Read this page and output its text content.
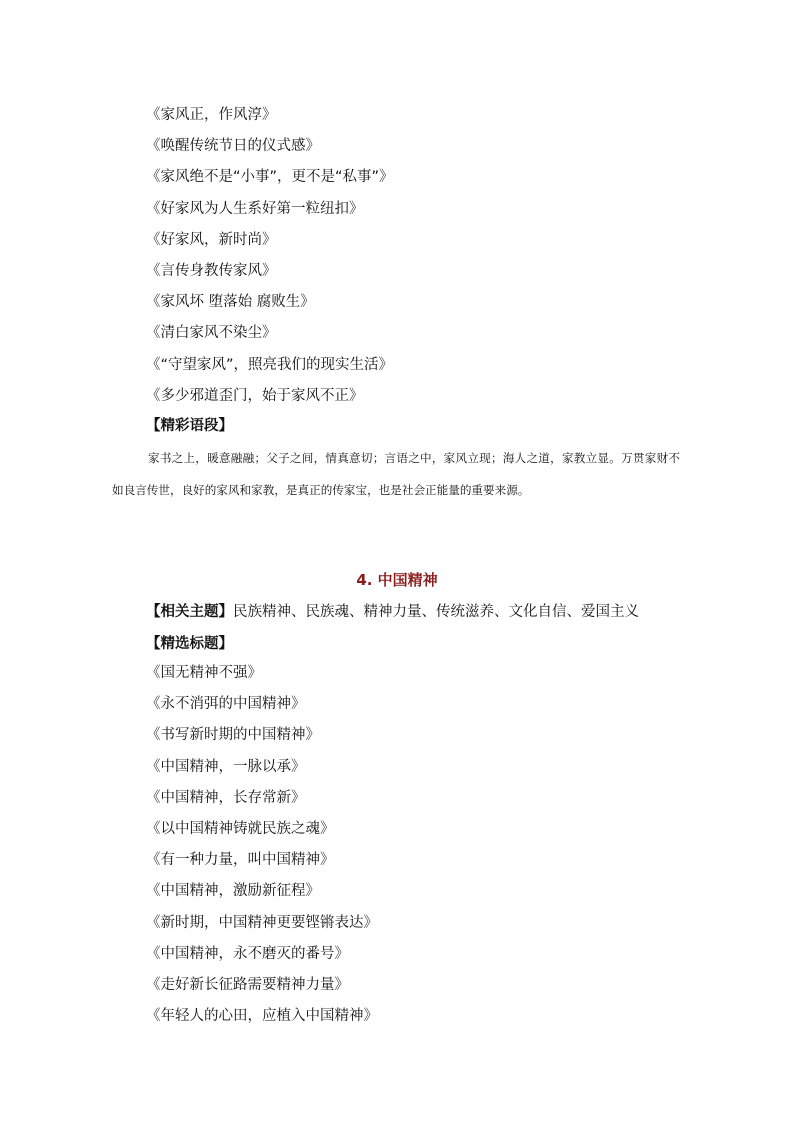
《家风正，作风淳》
《唤醒传统节日的仪式感》
《家风绝不是“小事”，更不是“私事”》
《好家风为人生系好第一粒纽扣》
《好家风，新时尚》
《言传身教传家风》
《家风坏 堕落始 腐败生》
《清白家风不染尘》
《“守望家风”，照亮我们的现实生活》
《多少邪道歪门，始于家风不正》
【精彩语段】

家书之上，暖意融融；父子之间，情真意切；言语之中，家风立现；海人之道，家教立显。万贯家财不如良言传世，良好的家风和家教，是真正的传家宝，也是社会正能量的重要来源。

4. 中国精神
【相关主题】民族精神、民族魂、精神力量、传统滋养、文化自信、爱国主义
【精选标题】
《国无精神不强》
《永不消弭的中国精神》
《书写新时期的中国精神》
《中国精神，一脉以承》
《中国精神，长存常新》
《以中国精神铸就民族之魂》
《有一种力量，叫中国精神》
《中国精神，激励新征程》
《新时期，中国精神更要铿锵表达》
《中国精神，永不磨灭的番号》
《走好新长征路需要精神力量》
《年轻人的心田，应植入中国精神》
